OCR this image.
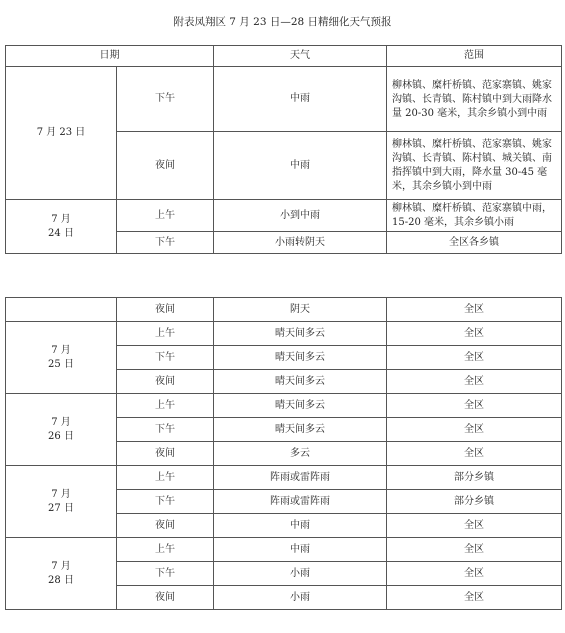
附表凤翔区 7 月 23 日—28 日精细化天气预报
日期		天气	范围
7 月 23 日	下午	中雨	柳林镇、糜杆桥镇、范家寨镇、姚家沟镇、长青镇、陈村镇中到大雨降水量 20-30 毫米，其余乡镇小到中雨
	夜间	中雨	柳林镇、糜杆桥镇、范家寨镇、姚家沟镇、长青镇、陈村镇、城关镇、南指挥镇中到大雨，降水量 30-45 毫米，其余乡镇小到中雨

7 月
24 日	上午	小到中雨	柳林镇、糜杆桥镇、范家寨镇中雨，15-20 毫米，其余乡镇小雨
	下午	小雨转阴天	全区各乡镇
	夜间	阴天	全区

7 月
25 日	上午	晴天间多云	全区
	下午	晴天间多云	全区
	夜间	晴天间多云	全区

7 月
26 日	上午	晴天间多云	全区
	下午	晴天间多云	全区
	夜间	多云	全区

7 月
27 日	上午	阵雨或雷阵雨	部分乡镇
	下午	阵雨或雷阵雨	部分乡镇
	夜间	中雨	全区

7 月
28 日	上午	中雨	全区
	下午	小雨	全区
	夜间	小雨	全区
